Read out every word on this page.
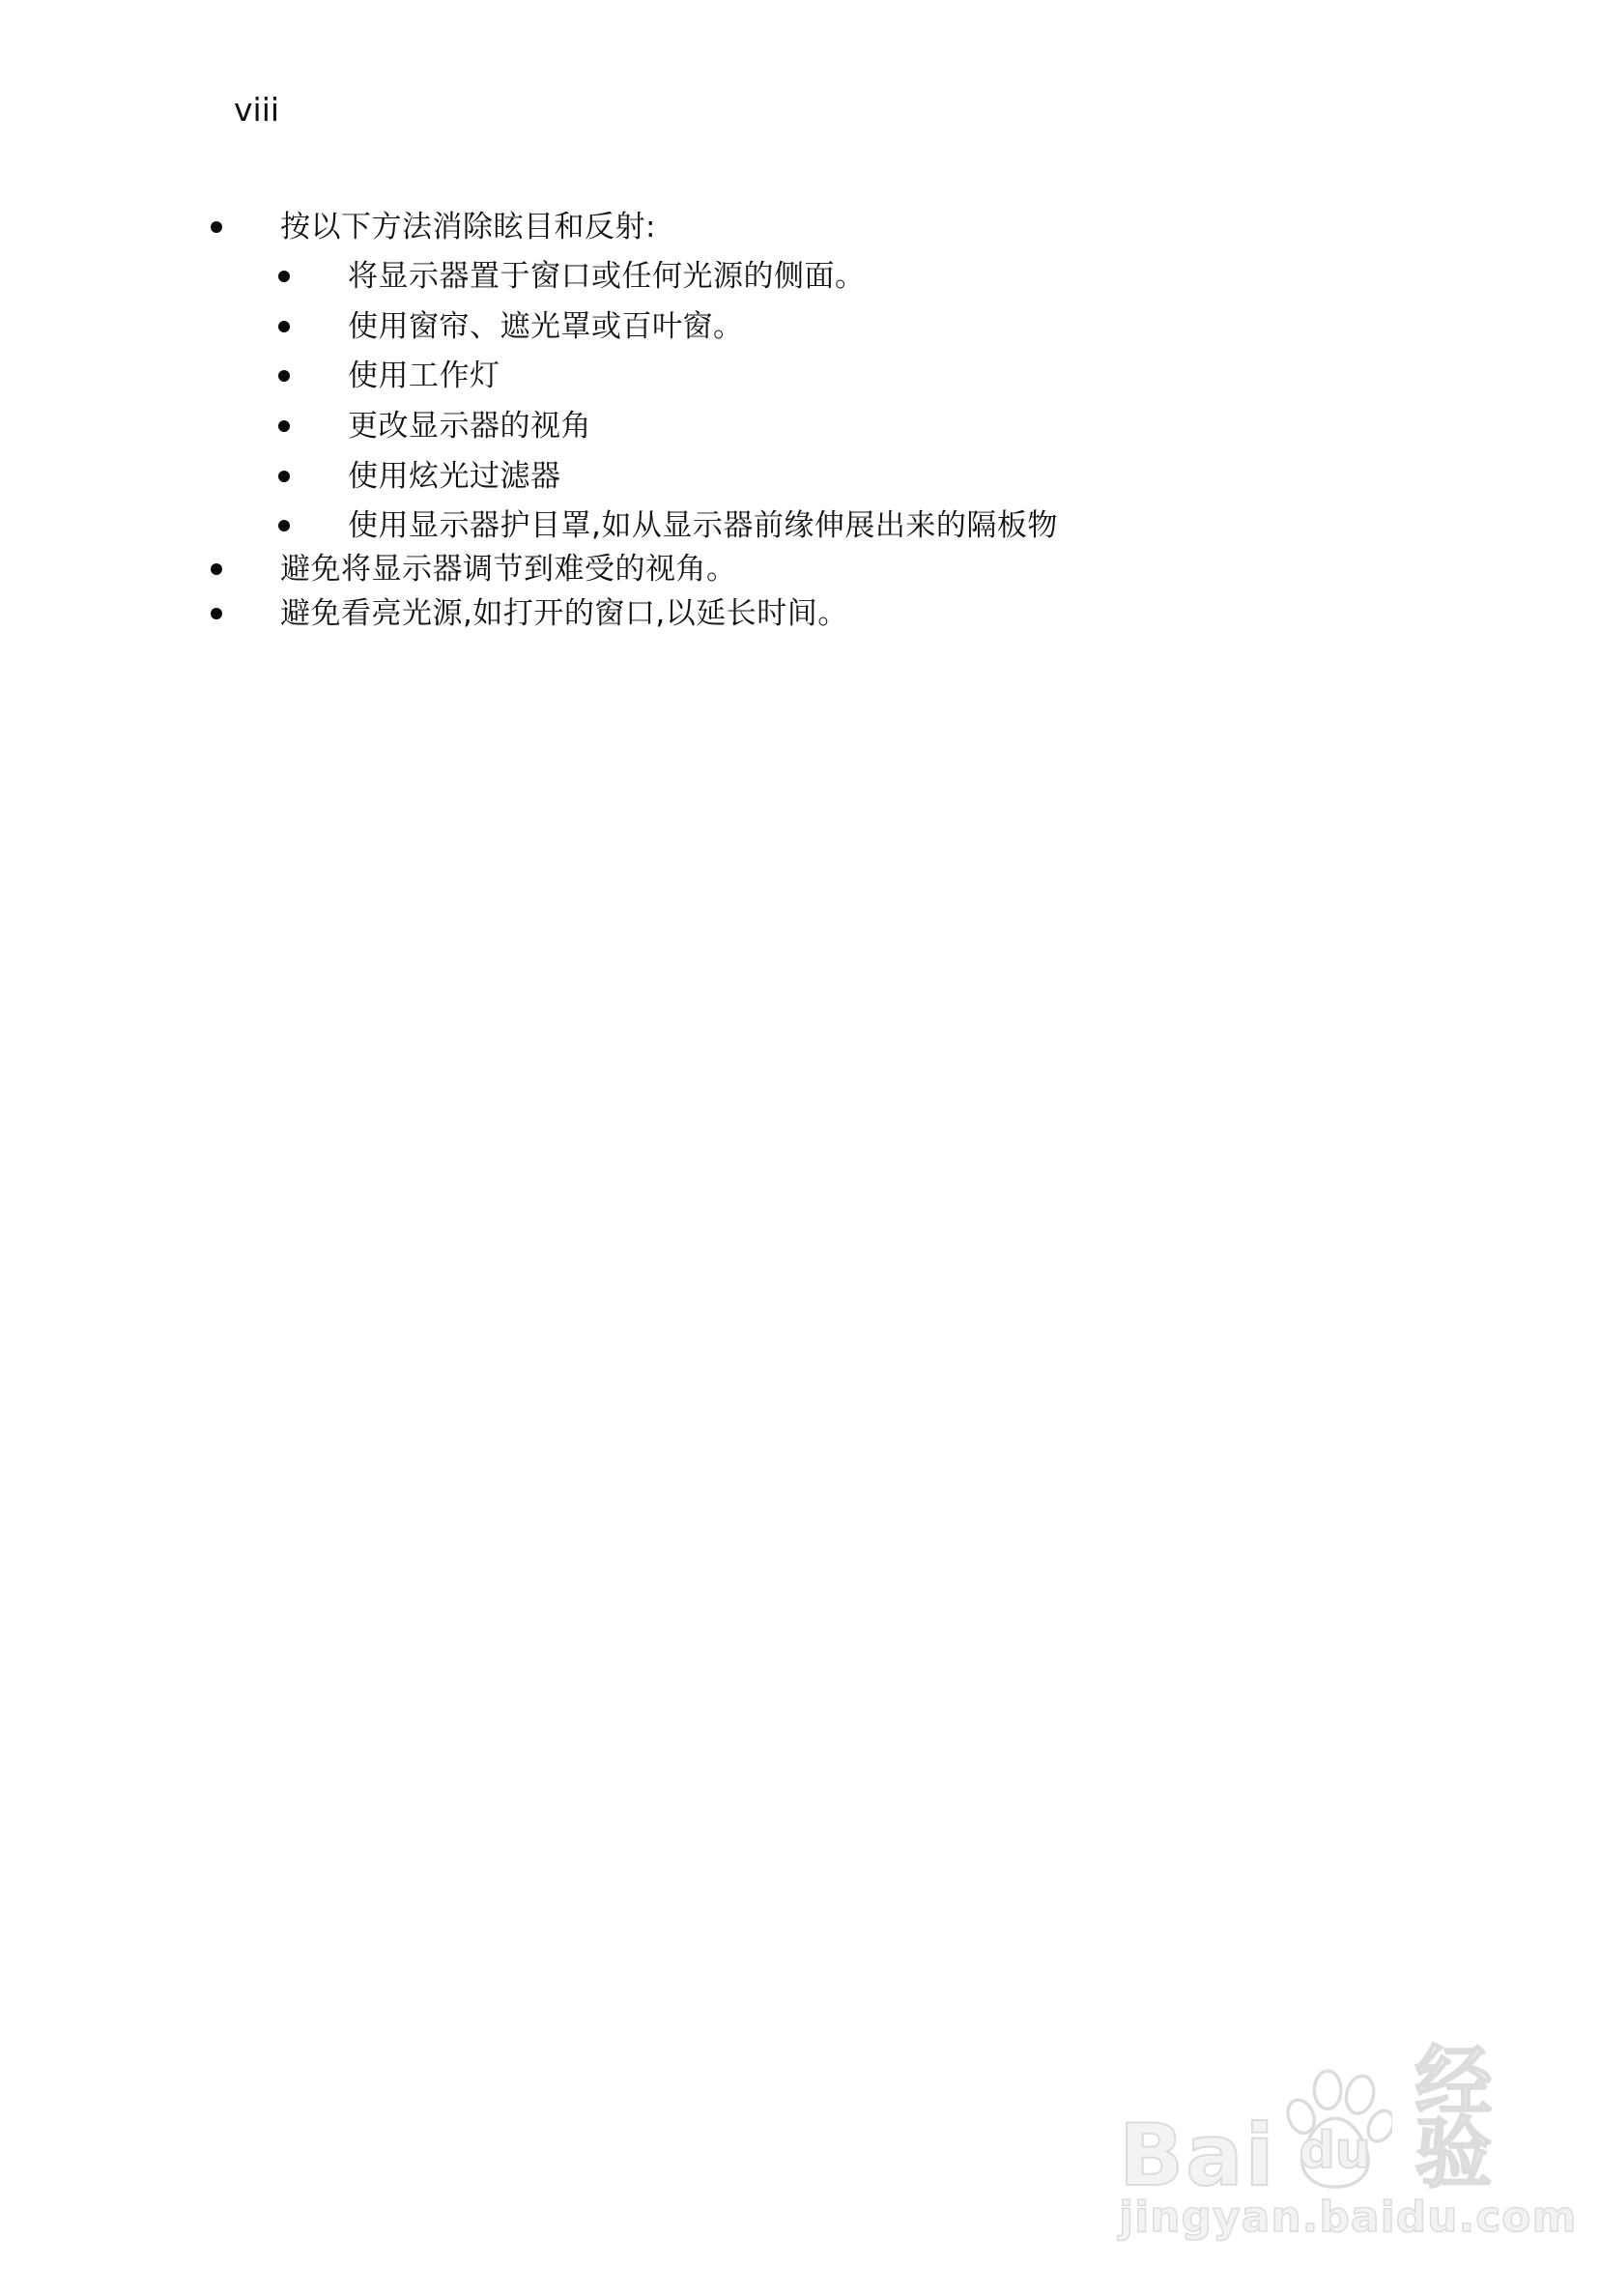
viii
按以下方法消除眩目和反射:
将显示器置于窗口或任何光源的侧面。
使用窗帘、遮光罩或百叶窗。
使用工作灯
更改显示器的视角
使用炫光过滤器
使用显示器护目罩,如从显示器前缘伸展出来的隔板物
避免将显示器调节到难受的视角。
避免看亮光源,如打开的窗口,以延长时间。
Bai du
经验
jingyan.baidu.com
